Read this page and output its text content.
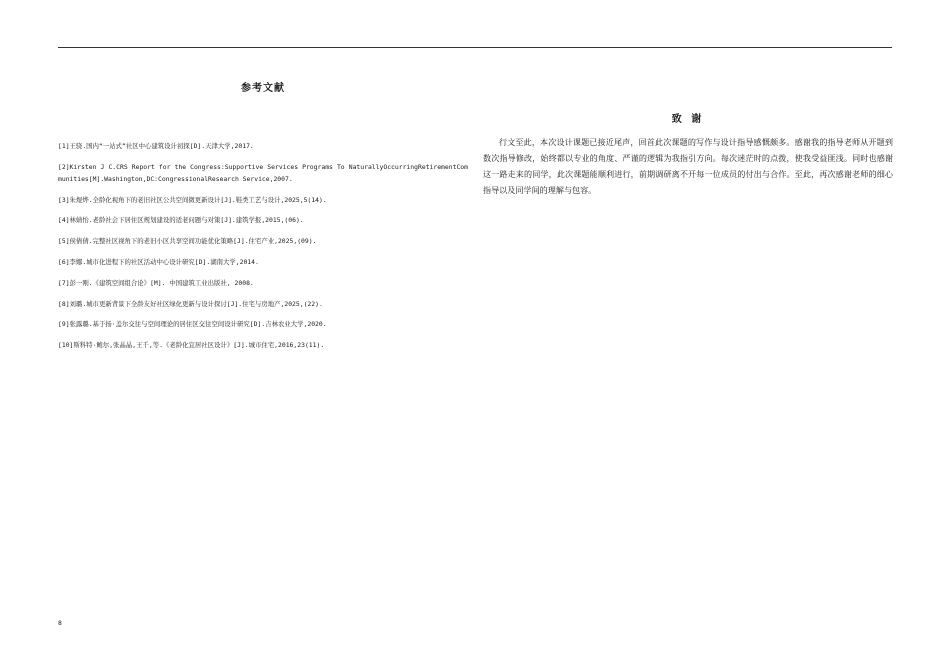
参考文献
[1]王骁.国内“一站式”社区中心建筑设计初探[D].天津大学,2017.
[2]Kirsten J C.CRS Report for the Congress:Supportive Services Programs To NaturallyOccurringRetirementCommunities[M].Washington,DC:CongressionalResearch Service,2007.
[3]朱煜烨.全龄化视角下的老旧社区公共空间微更新设计[J].鞋类工艺与设计,2025,5(14).
[4]林婧怡.老龄社会下居住区规划建设的适老问题与对策[J].建筑学报,2015,(06).
[5]侯倩倩.完整社区视角下的老旧小区共享空间功能优化策略[J].住宅产业,2025,(09).
[6]李娜.城市化进程下的社区活动中心设计研究[D].湖南大学,2014.
[7]彭一刚.《建筑空间组合论》[M]. 中国建筑工业出版社, 2008.
[8]刘璐.城市更新背景下全龄友好社区绿化更新与设计探讨[J].住宅与房地产,2025,(22).
[9]张露璐.基于扬·盖尔交往与空间理论的居住区交往空间设计研究[D].吉林农业大学,2020.
[10]斯科特·鲍尔,张晶晶,王千,等.《老龄化宜居社区设计》[J].城市住宅,2016,23(11).
致 谢

行文至此，本次设计课题已接近尾声，回首此次课题的写作与设计指导感慨颇多。感谢我的指导老师从开题到数次指导修改，始终都以专业的角度、严谨的逻辑为我指引方向。每次迷茫时的点拨，使我受益匪浅。同时也感谢这一路走来的同学，此次课题能顺利进行，前期调研离不开每一位成员的付出与合作。至此，再次感谢老师的细心指导以及同学间的理解与包容。

8
